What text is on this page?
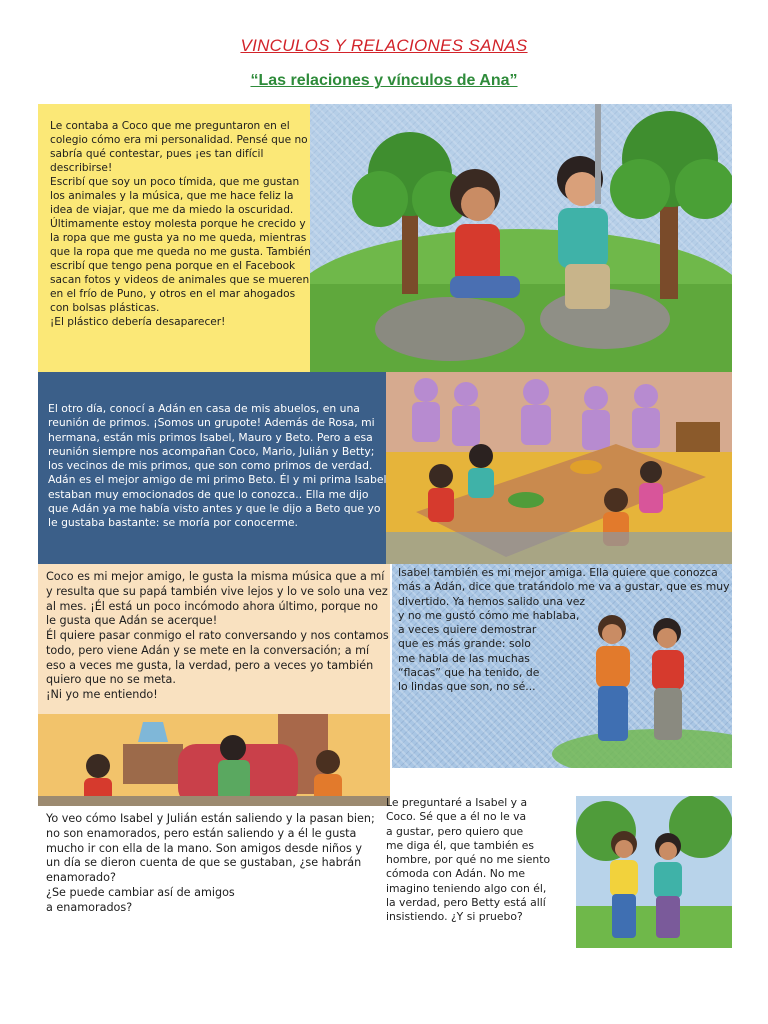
VINCULOS Y RELACIONES SANAS
“Las relaciones y vínculos de Ana”

Le contaba a Coco que me preguntaron en el colegio cómo era mi personalidad. Pensé que no sabría qué contestar, pues ¡es tan difícil describirse!
Escribí que soy un poco tímida, que me gustan los animales y la música, que me hace feliz la idea de viajar, que me da miedo la oscuridad.
Últimamente estoy molesta porque he crecido y la ropa que me gusta ya no me queda, mientras que la ropa que me queda no me gusta. También escribí que tengo pena porque en el Facebook sacan fotos y videos de animales que se mueren en el frío de Puno, y otros en el mar ahogados con bolsas plásticas.
¡El plástico debería desaparecer!

El otro día, conocí a Adán en casa de mis abuelos, en una reunión de primos. ¡Somos un grupote! Además de Rosa, mi hermana, están mis primos Isabel, Mauro y Beto. Pero a esa reunión siempre nos acompañan Coco, Mario, Julián y Betty; los vecinos de mis primos, que son como primos de verdad. Adán es el mejor amigo de mi primo Beto. Él y mi prima Isabel estaban muy emocionados de que lo conozca.. Ella me dijo que Adán ya me había visto antes y que le dijo a Beto que yo le gustaba bastante: se moría por conocerme.

Coco es mi mejor amigo, le gusta la misma música que a mí y resulta que su papá también vive lejos y lo ve solo una vez al mes. ¡Él está un poco incómodo ahora último, porque no le gusta que Adán se acerque!
Él quiere pasar conmigo el rato conversando y nos contamos todo, pero viene Adán y se mete en la conversación; a mí eso a veces me gusta, la verdad, pero a veces yo también quiero que no se meta.
¡Ni yo me entiendo!

Isabel también es mi mejor amiga. Ella quiere que conozca más a Adán, dice que tratándolo me va a gustar, que es muy divertido. Ya hemos salido una vez
y no me gustó cómo me hablaba,
a veces quiere demostrar
que es más grande: solo
me habla de las muchas
“flacas” que ha tenido, de
lo lindas que son, no sé...

Yo veo cómo Isabel y Julián están saliendo y la pasan bien; no son enamorados, pero están saliendo y a él le gusta mucho ir con ella de la mano. Son amigos desde niños y un día se dieron cuenta de que se gustaban, ¿se habrán enamorado?
¿Se puede cambiar así de amigos
a enamorados?

Le preguntaré a Isabel y a
Coco. Sé que a él no le va
a gustar, pero quiero que
me diga él, que también es
hombre, por qué no me siento
cómoda con Adán. No me
imagino teniendo algo con él,
la verdad, pero Betty está allí
insistiendo. ¿Y si pruebo?
